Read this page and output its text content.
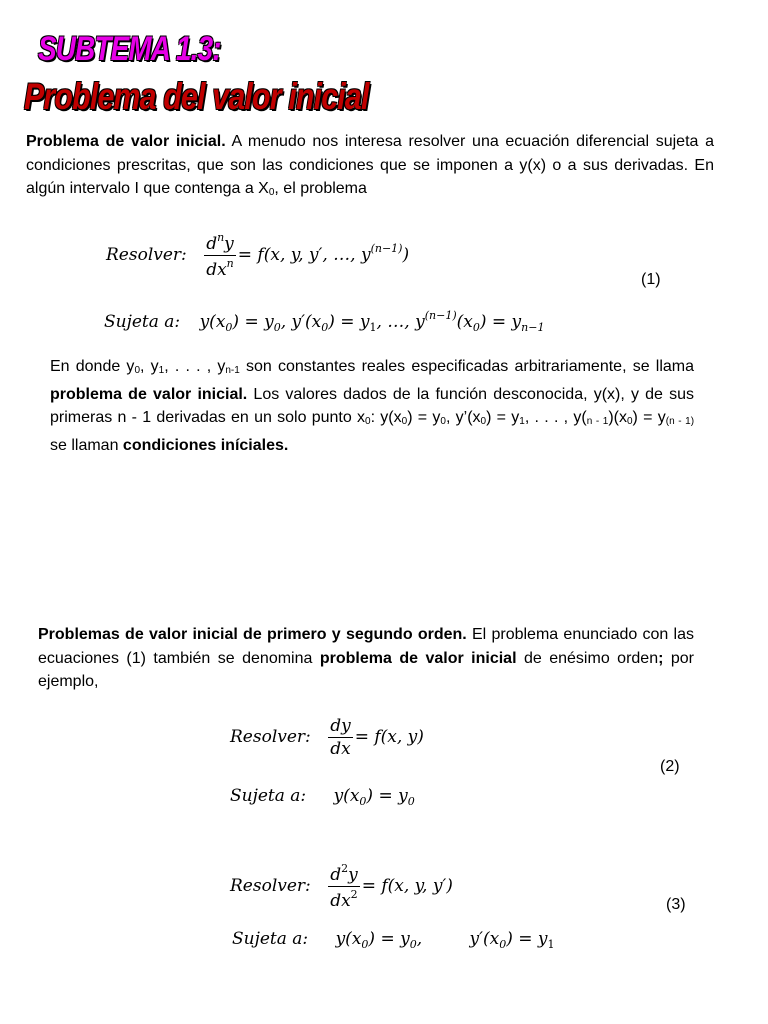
SUBTEMA 1.3:
Problema del valor inicial
Problema de valor inicial. A menudo nos interesa resolver una ecuación diferencial sujeta a condiciones prescritas, que son las condiciones que se imponen a y(x) o a sus derivadas. En algún intervalo I que contenga a $X_0$, el problema
Resolver: $\frac{d^ny}{dx^n} = f(x$, y, y′, …, $y^{(n-1)}$)
(1)
Sujeta a: $y(x_0) = y_0$, $y'(x_0) = y_1$, …, $y^{(n-1)}(x_0) = y_{n-1}$
En donde $y_0$, $y_1$, . . . , $y_{n-1}$ son constantes reales especificadas arbitrariamente, se llama problema de valor inicial. Los valores dados de la función desconocida, y(x), y de sus primeras n - 1 derivadas en un solo punto $x_0$: $y(x_0) = y_0$, $y’(x_0) = y_1$, . . . , $y(_{n - 1})(x_0) = y_{(n - 1)}$ se llaman condiciones iníciales.
Problemas de valor inicial de primero y segundo orden. El problema enunciado con las ecuaciones (1) también se denomina problema de valor inicial de enésimo orden; por ejemplo,
Resolver: $\frac{dy}{dx} = f(x$, y)
(2)
Sujeta a: $y(x_0) = y_0$
Resolver: $\frac{d^2y}{dx^2} = f(x$, y, y′)
(3)
Sujeta a: $y(x_0) = y_0$,	$y'(x_0) = y_1$
